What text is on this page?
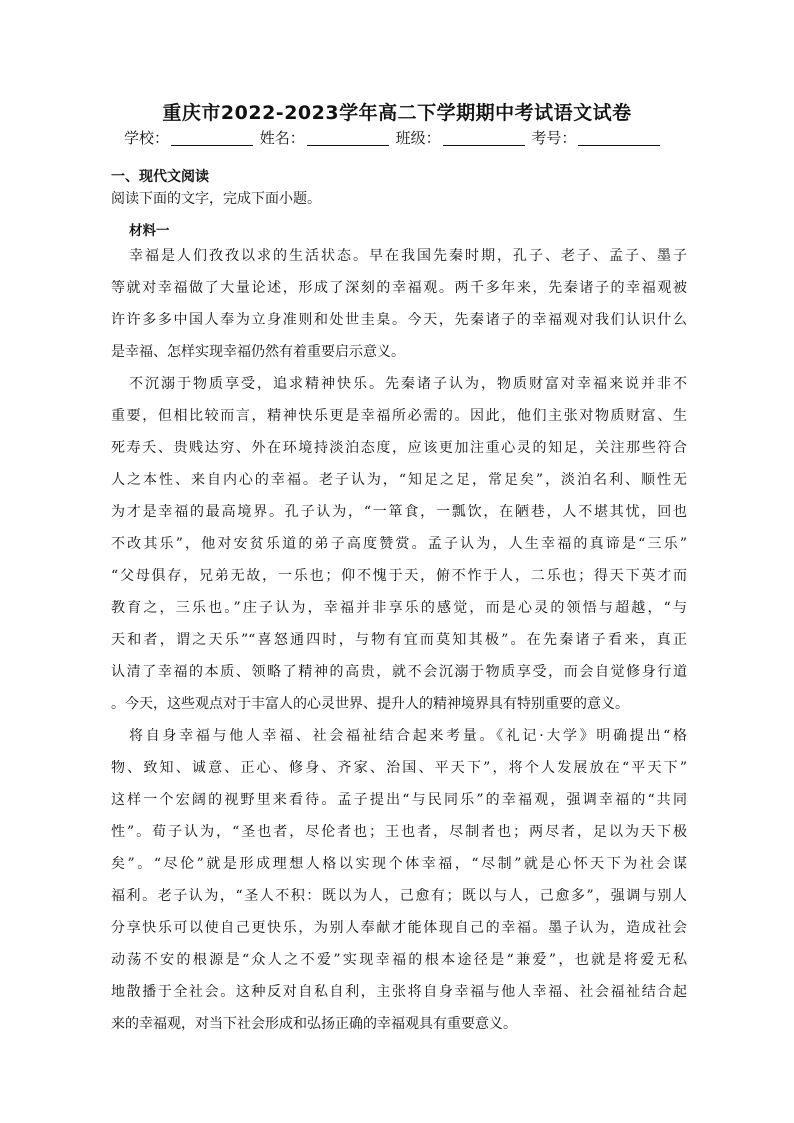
重庆市2022-2023学年高二下学期期中考试语文试卷
学校：	姓名：	班级：	考号：
一、现代文阅读
阅读下面的文字，完成下面小题。
材料一
幸福是人们孜孜以求的生活状态。早在我国先秦时期，孔子、老子、孟子、墨子
等就对幸福做了大量论述，形成了深刻的幸福观。两千多年来，先秦诸子的幸福观被
许许多多中国人奉为立身准则和处世圭臬。今天，先秦诸子的幸福观对我们认识什么
是幸福、怎样实现幸福仍然有着重要启示意义。
不沉溺于物质享受，追求精神快乐。先秦诸子认为，物质财富对幸福来说并非不
重要，但相比较而言，精神快乐更是幸福所必需的。因此，他们主张对物质财富、生
死寿夭、贵贱达穷、外在环境持淡泊态度，应该更加注重心灵的知足，关注那些符合
人之本性、来自内心的幸福。老子认为，“知足之足，常足矣”，淡泊名利、顺性无
为才是幸福的最高境界。孔子认为，“一箪食，一瓢饮，在陋巷，人不堪其忧，回也
不改其乐”，他对安贫乐道的弟子高度赞赏。孟子认为，人生幸福的真谛是“三乐”
“父母俱存，兄弟无故，一乐也；仰不愧于天，俯不怍于人，二乐也；得天下英才而
教育之，三乐也。”庄子认为，幸福并非享乐的感觉，而是心灵的领悟与超越，“与
天和者，谓之天乐”“喜怒通四时，与物有宜而莫知其极”。在先秦诸子看来，真正
认清了幸福的本质、领略了精神的高贵，就不会沉溺于物质享受，而会自觉修身行道
。今天，这些观点对于丰富人的心灵世界、提升人的精神境界具有特别重要的意义。
将自身幸福与他人幸福、社会福祉结合起来考量。《礼记·大学》明确提出“格
物、致知、诚意、正心、修身、齐家、治国、平天下”，将个人发展放在“平天下”
这样一个宏阔的视野里来看待。孟子提出“与民同乐”的幸福观，强调幸福的“共同
性”。荀子认为，“圣也者，尽伦者也；王也者，尽制者也；两尽者，足以为天下极
矣”。“尽伦”就是形成理想人格以实现个体幸福，“尽制”就是心怀天下为社会谋
福利。老子认为，“圣人不积：既以为人，己愈有；既以与人，己愈多”，强调与别人
分享快乐可以使自己更快乐，为别人奉献才能体现自己的幸福。墨子认为，造成社会
动荡不安的根源是“众人之不爱”实现幸福的根本途径是“兼爱”，也就是将爱无私
地散播于全社会。这种反对自私自利，主张将自身幸福与他人幸福、社会福祉结合起
来的幸福观，对当下社会形成和弘扬正确的幸福观具有重要意义。
